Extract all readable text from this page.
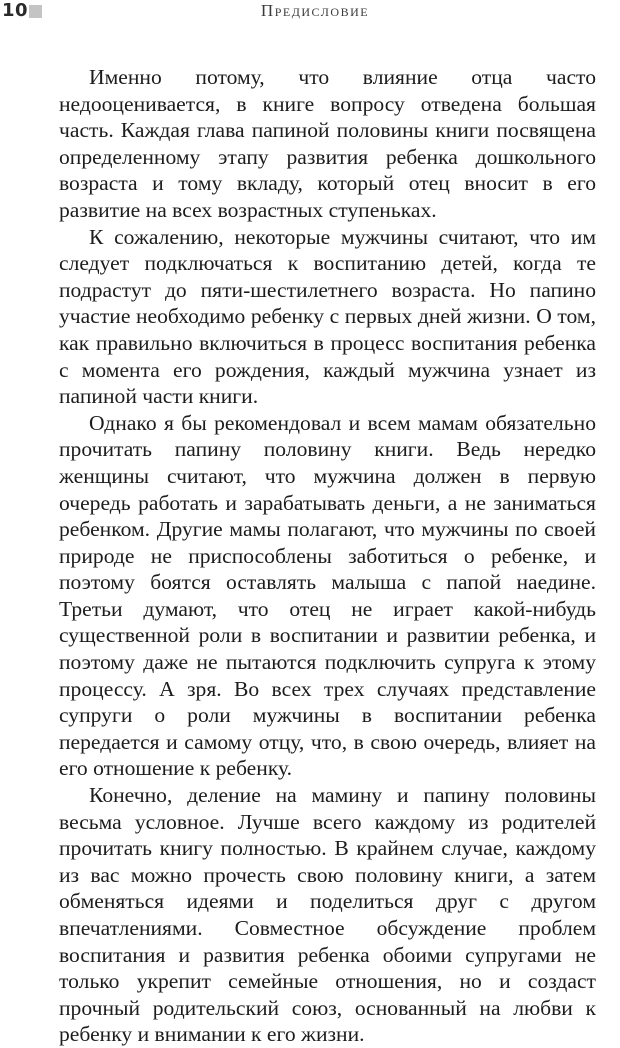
10	Предисловие

Именно потому, что влияние отца часто недооценивается, в книге вопросу отведена большая часть. Каждая глава папиной половины книги посвящена определенному этапу развития ребенка дошкольного возраста и тому вкладу, который отец вносит в его развитие на всех возрастных ступеньках.

К сожалению, некоторые мужчины считают, что им следует подключаться к воспитанию детей, когда те подрастут до пяти-шестилетнего возраста. Но папино участие необходимо ребенку с первых дней жизни. О том, как правильно включиться в процесс воспитания ребенка с момента его рождения, каждый мужчина узнает из папиной части книги.

Однако я бы рекомендовал и всем мамам обязательно прочитать папину половину книги. Ведь нередко женщины считают, что мужчина должен в первую очередь работать и зарабатывать деньги, а не заниматься ребенком. Другие мамы полагают, что мужчины по своей природе не приспособлены заботиться о ребенке, и поэтому боятся оставлять малыша с папой наедине. Третьи думают, что отец не играет какой-нибудь существенной роли в воспитании и развитии ребенка, и поэтому даже не пытаются подключить супруга к этому процессу. А зря. Во всех трех случаях представление супруги о роли мужчины в воспитании ребенка передается и самому отцу, что, в свою очередь, влияет на его отношение к ребенку.

Конечно, деление на мамину и папину половины весьма условное. Лучше всего каждому из родителей прочитать книгу полностью. В крайнем случае, каждому из вас можно прочесть свою половину книги, а затем обменяться идеями и поделиться друг с другом впечатлениями. Совместное обсуждение проблем воспитания и развития ребенка обоими супругами не только укрепит семейные отношения, но и создаст прочный родительский союз, основанный на любви к ребенку и внимании к его жизни.
